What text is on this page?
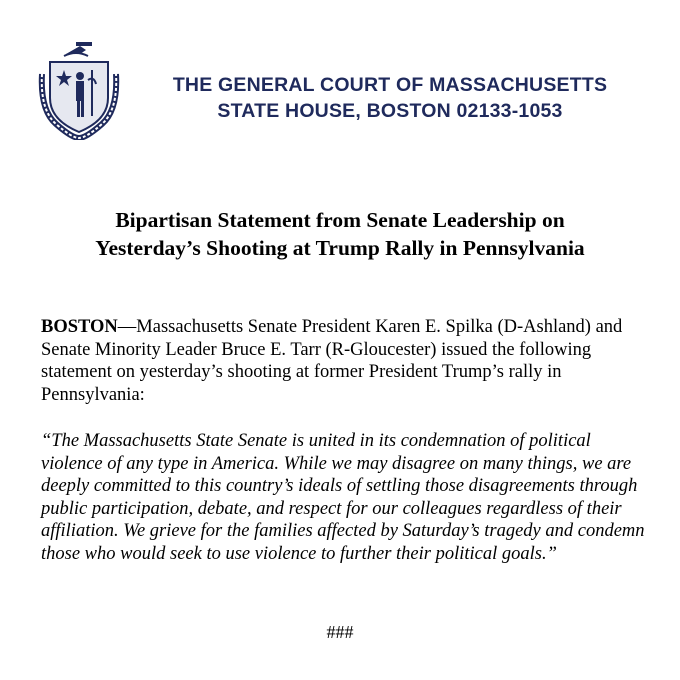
THE GENERAL COURT OF MASSACHUSETTS
STATE HOUSE, BOSTON 02133-1053
Bipartisan Statement from Senate Leadership on
Yesterday’s Shooting at Trump Rally in Pennsylvania

BOSTON—Massachusetts Senate President Karen E. Spilka (D-Ashland) and Senate Minority Leader Bruce E. Tarr (R-Gloucester) issued the following statement on yesterday’s shooting at former President Trump’s rally in Pennsylvania:

“The Massachusetts State Senate is united in its condemnation of political violence of any type in America. While we may disagree on many things, we are deeply committed to this country’s ideals of settling those disagreements through public participation, debate, and respect for our colleagues regardless of their affiliation. We grieve for the families affected by Saturday’s tragedy and condemn those who would seek to use violence to further their political goals.”

###
